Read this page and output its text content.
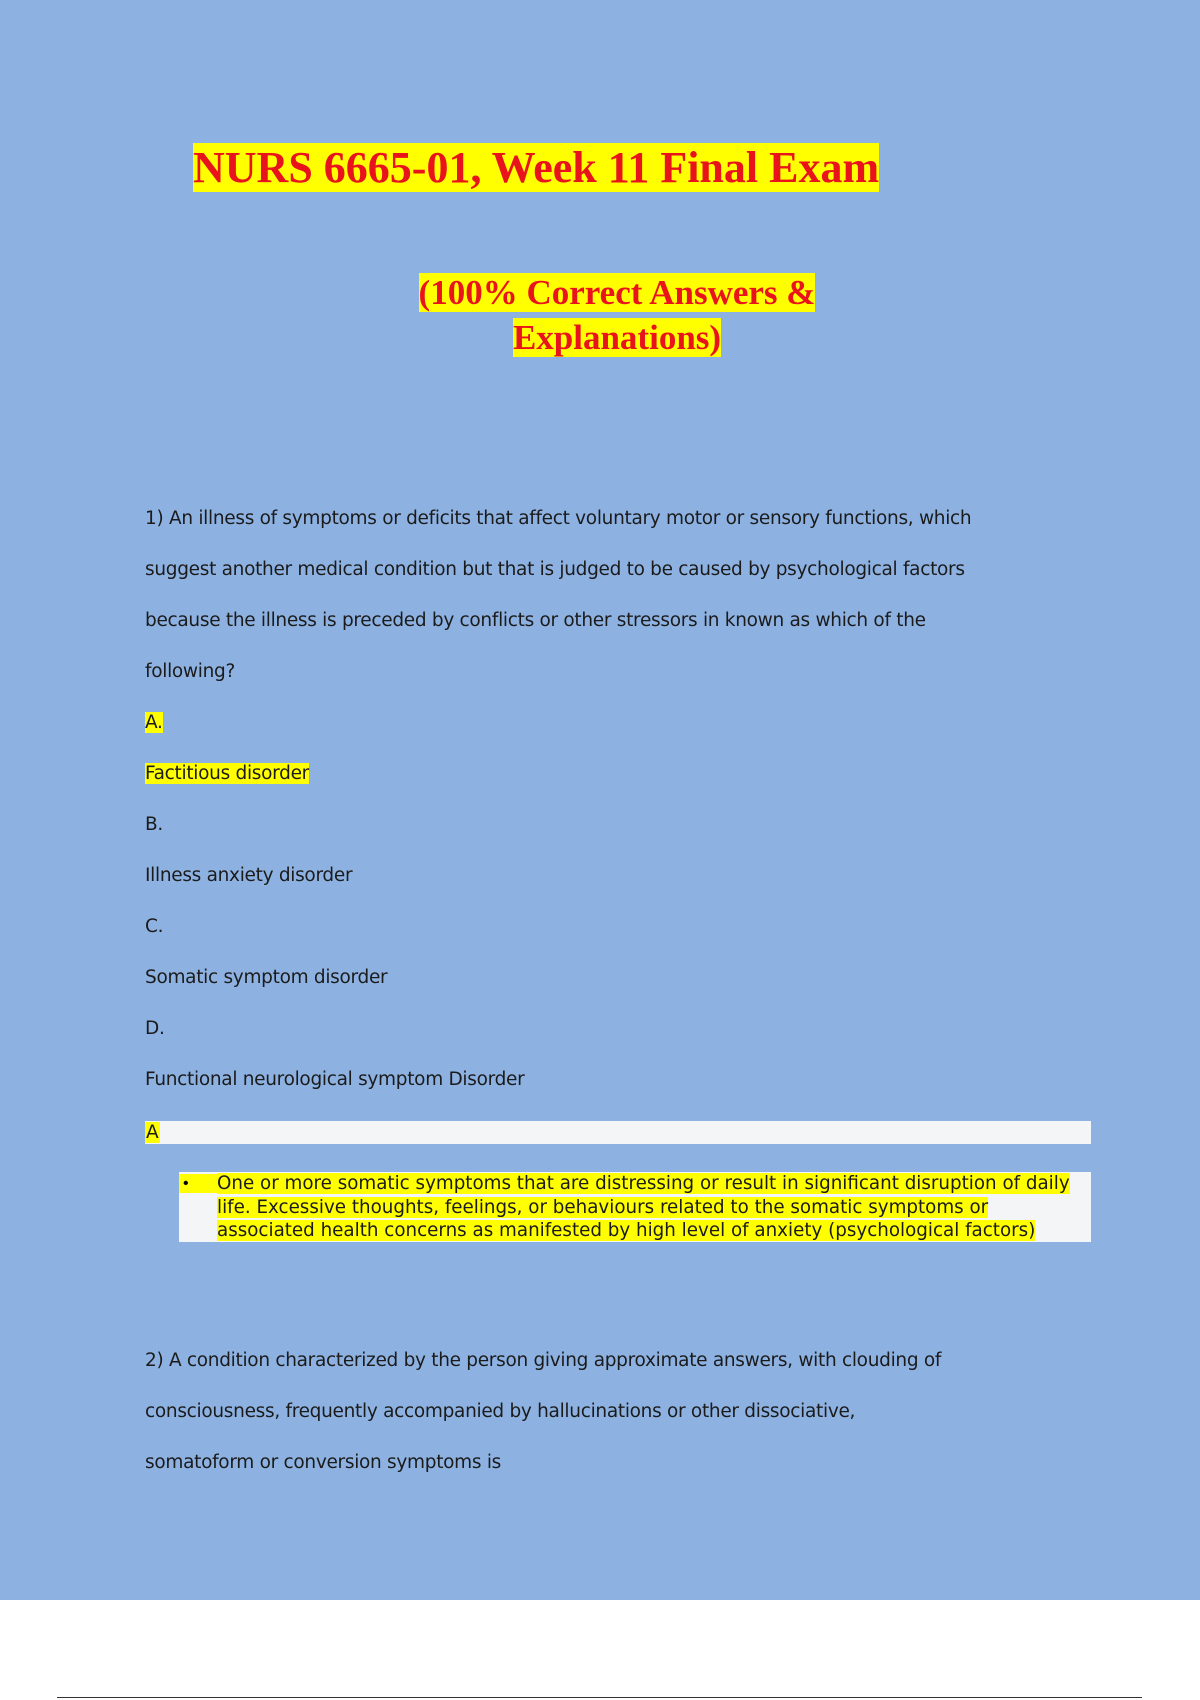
NURS 6665-01, Week 11 Final Exam
(100% Correct Answers &
Explanations)
1) An illness of symptoms or deficits that affect voluntary motor or sensory functions, which
suggest another medical condition but that is judged to be caused by psychological factors
because the illness is preceded by conflicts or other stressors in known as which of the
following?
A.
Factitious disorder
B.
Illness anxiety disorder
C.
Somatic symptom disorder
D.
Functional neurological symptom Disorder
A
• One or more somatic symptoms that are distressing or result in significant disruption of daily life. Excessive thoughts, feelings, or behaviours related to the somatic symptoms or associated health concerns as manifested by high level of anxiety (psychological factors)

2) A condition characterized by the person giving approximate answers, with clouding of
consciousness, frequently accompanied by hallucinations or other dissociative,
somatoform or conversion symptoms is
